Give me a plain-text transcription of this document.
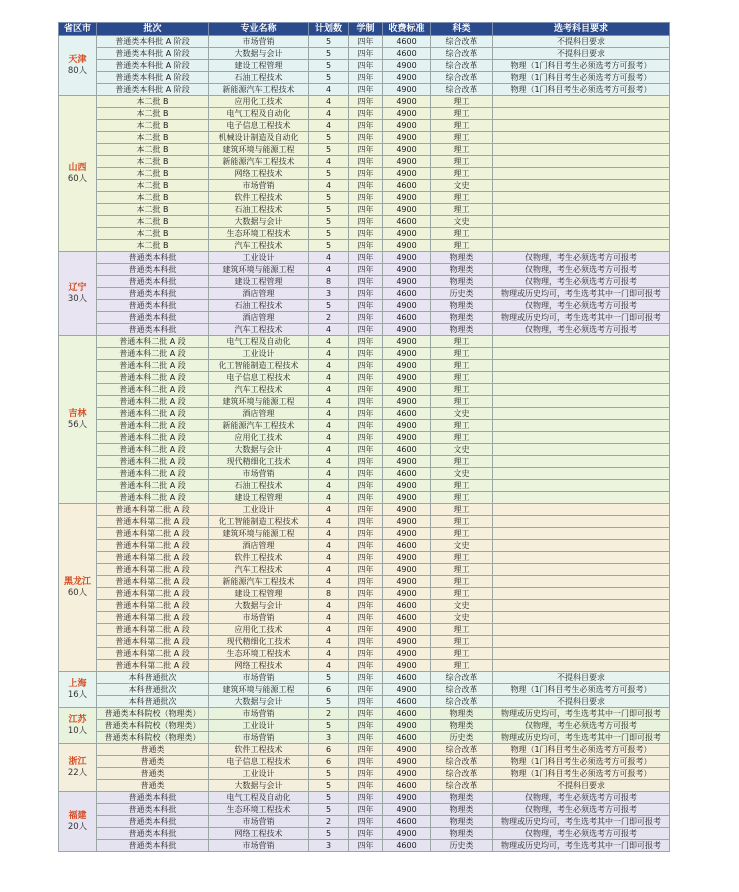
省区市	批次	专业名称	计划数	学制	收费标准	科类	选考科目要求
天津
80人	普通类本科批 A 阶段	市场营销	5	四年	4600	综合改革	不提科目要求
	普通类本科批 A 阶段	大数据与会计	5	四年	4600	综合改革	不提科目要求
	普通类本科批 A 阶段	建设工程管理	5	四年	4900	综合改革	物理（1门科目考生必须选考方可报考）
	普通类本科批 A 阶段	石油工程技术	5	四年	4900	综合改革	物理（1门科目考生必须选考方可报考）
	普通类本科批 A 阶段	新能源汽车工程技术	4	四年	4900	综合改革	物理（1门科目考生必须选考方可报考）
山西
60人	本二批 B	应用化工技术	4	四年	4900	理工	
	本二批 B	电气工程及自动化	4	四年	4900	理工	
	本二批 B	电子信息工程技术	4	四年	4900	理工	
	本二批 B	机械设计制造及自动化	5	四年	4900	理工	
	本二批 B	建筑环境与能源工程	5	四年	4900	理工	
	本二批 B	新能源汽车工程技术	4	四年	4900	理工	
	本二批 B	网络工程技术	5	四年	4900	理工	
	本二批 B	市场营销	4	四年	4600	文史	
	本二批 B	软件工程技术	5	四年	4900	理工	
	本二批 B	石油工程技术	5	四年	4900	理工	
	本二批 B	大数据与会计	5	四年	4600	文史	
	本二批 B	生态环境工程技术	5	四年	4900	理工	
	本二批 B	汽车工程技术	5	四年	4900	理工	
辽宁
30人	普通类本科批	工业设计	4	四年	4900	物理类	仅物理，考生必须选考方可报考
	普通类本科批	建筑环境与能源工程	4	四年	4900	物理类	仅物理，考生必须选考方可报考
	普通类本科批	建设工程管理	8	四年	4900	物理类	仅物理，考生必须选考方可报考
	普通类本科批	酒店管理	3	四年	4600	历史类	物理或历史均可，考生选考其中一门即可报考
	普通类本科批	石油工程技术	5	四年	4900	物理类	仅物理，考生必须选考方可报考
	普通类本科批	酒店管理	2	四年	4600	物理类	物理或历史均可，考生选考其中一门即可报考
	普通类本科批	汽车工程技术	4	四年	4900	物理类	仅物理，考生必须选考方可报考
吉林
56人	普通本科二批 A 段	电气工程及自动化	4	四年	4900	理工	
	普通本科二批 A 段	工业设计	4	四年	4900	理工	
	普通本科二批 A 段	化工智能制造工程技术	4	四年	4900	理工	
	普通本科二批 A 段	电子信息工程技术	4	四年	4900	理工	
	普通本科二批 A 段	汽车工程技术	4	四年	4900	理工	
	普通本科二批 A 段	建筑环境与能源工程	4	四年	4900	理工	
	普通本科二批 A 段	酒店管理	4	四年	4600	文史	
	普通本科二批 A 段	新能源汽车工程技术	4	四年	4900	理工	
	普通本科二批 A 段	应用化工技术	4	四年	4900	理工	
	普通本科二批 A 段	大数据与会计	4	四年	4600	文史	
	普通本科二批 A 段	现代精细化工技术	4	四年	4900	理工	
	普通本科二批 A 段	市场营销	4	四年	4600	文史	
	普通本科二批 A 段	石油工程技术	4	四年	4900	理工	
	普通本科二批 A 段	建设工程管理	4	四年	4900	理工	
黑龙江
60人	普通本科第二批 A 段	工业设计	4	四年	4900	理工	
	普通本科第二批 A 段	化工智能制造工程技术	4	四年	4900	理工	
	普通本科第二批 A 段	建筑环境与能源工程	4	四年	4900	理工	
	普通本科第二批 A 段	酒店管理	4	四年	4600	文史	
	普通本科第二批 A 段	软件工程技术	4	四年	4900	理工	
	普通本科第二批 A 段	汽车工程技术	4	四年	4900	理工	
	普通本科第二批 A 段	新能源汽车工程技术	4	四年	4900	理工	
	普通本科第二批 A 段	建设工程管理	8	四年	4900	理工	
	普通本科第二批 A 段	大数据与会计	4	四年	4600	文史	
	普通本科第二批 A 段	市场营销	4	四年	4600	文史	
	普通本科第二批 A 段	应用化工技术	4	四年	4900	理工	
	普通本科第二批 A 段	现代精细化工技术	4	四年	4900	理工	
	普通本科第二批 A 段	生态环境工程技术	4	四年	4900	理工	
	普通本科第二批 A 段	网络工程技术	4	四年	4900	理工	
上海
16人	本科普通批次	市场营销	5	四年	4600	综合改革	不提科目要求
	本科普通批次	建筑环境与能源工程	6	四年	4900	综合改革	物理（1门科目考生必须选考方可报考）
	本科普通批次	大数据与会计	5	四年	4600	综合改革	不提科目要求
江苏
10人	普通类本科院校（物理类）	市场营销	2	四年	4600	物理类	物理或历史均可，考生选考其中一门即可报考
	普通类本科院校（物理类）	工业设计	5	四年	4900	物理类	仅物理，考生必须选考方可报考
	普通类本科院校（物理类）	市场营销	3	四年	4600	历史类	物理或历史均可，考生选考其中一门即可报考
浙江
22人	普通类	软件工程技术	6	四年	4900	综合改革	物理（1门科目考生必须选考方可报考）
	普通类	电子信息工程技术	6	四年	4900	综合改革	物理（1门科目考生必须选考方可报考）
	普通类	工业设计	5	四年	4900	综合改革	物理（1门科目考生必须选考方可报考）
	普通类	大数据与会计	5	四年	4600	综合改革	不提科目要求
福建
20人	普通类本科批	电气工程及自动化	5	四年	4900	物理类	仅物理，考生必须选考方可报考
	普通类本科批	生态环境工程技术	5	四年	4900	物理类	仅物理，考生必须选考方可报考
	普通类本科批	市场营销	2	四年	4600	物理类	物理或历史均可，考生选考其中一门即可报考
	普通类本科批	网络工程技术	5	四年	4900	物理类	仅物理，考生必须选考方可报考
	普通类本科批	市场营销	3	四年	4600	历史类	物理或历史均可，考生选考其中一门即可报考
